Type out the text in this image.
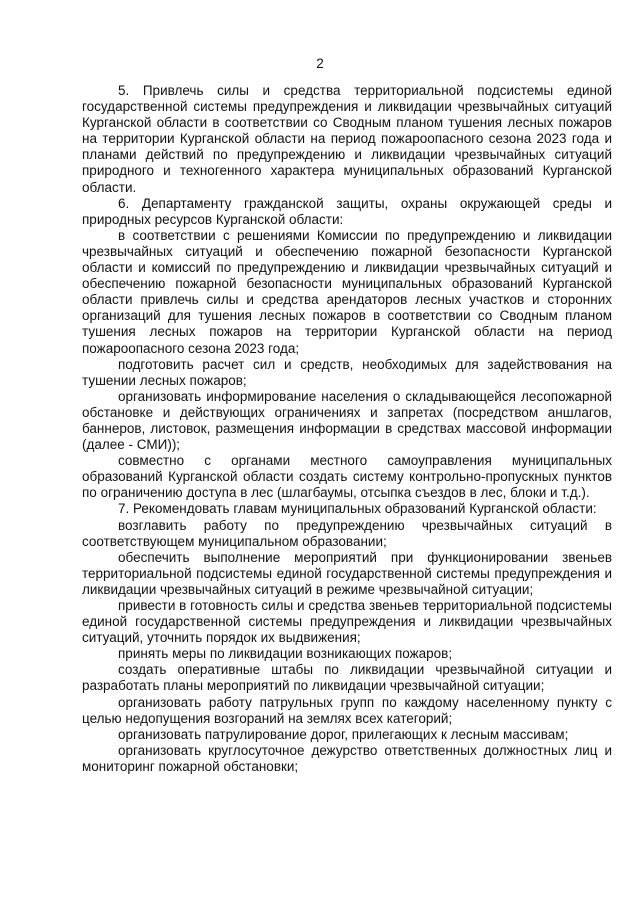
2

5. Привлечь силы и средства территориальной подсистемы единой государственной системы предупреждения и ликвидации чрезвычайных ситуаций Курганской области в соответствии со Сводным планом тушения лесных пожаров на территории Курганской области на период пожароопасного сезона 2023 года и планами действий по предупреждению и ликвидации чрезвычайных ситуаций природного и техногенного характера муниципальных образований Курганской области.

6. Департаменту гражданской защиты, охраны окружающей среды и природных ресурсов Курганской области:

в соответствии с решениями Комиссии по предупреждению и ликвидации чрезвычайных ситуаций и обеспечению пожарной безопасности Курганской области и комиссий по предупреждению и ликвидации чрезвычайных ситуаций и обеспечению пожарной безопасности муниципальных образований Курганской области привлечь силы и средства арендаторов лесных участков и сторонних организаций для тушения лесных пожаров в соответствии со Сводным планом тушения лесных пожаров на территории Курганской области на период пожароопасного сезона 2023 года;

подготовить расчет сил и средств, необходимых для задействования на тушении лесных пожаров;

организовать информирование населения о складывающейся лесопожарной обстановке и действующих ограничениях и запретах (посредством аншлагов, баннеров, листовок, размещения информации в средствах массовой информации (далее - СМИ));

совместно с органами местного самоуправления муниципальных образований Курганской области создать систему контрольно-пропускных пунктов по ограничению доступа в лес (шлагбаумы, отсыпка съездов в лес, блоки и т.д.).

7. Рекомендовать главам муниципальных образований Курганской области:

возглавить работу по предупреждению чрезвычайных ситуаций в соответствующем муниципальном образовании;

обеспечить выполнение мероприятий при функционировании звеньев территориальной подсистемы единой государственной системы предупреждения и ликвидации чрезвычайных ситуаций в режиме чрезвычайной ситуации;

привести в готовность силы и средства звеньев территориальной подсистемы единой государственной системы предупреждения и ликвидации чрезвычайных ситуаций, уточнить порядок их выдвижения;

принять меры по ликвидации возникающих пожаров;

создать оперативные штабы по ликвидации чрезвычайной ситуации и разработать планы мероприятий по ликвидации чрезвычайной ситуации;

организовать работу патрульных групп по каждому населенному пункту с целью недопущения возгораний на землях всех категорий;

организовать патрулирование дорог, прилегающих к лесным массивам;

организовать круглосуточное дежурство ответственных должностных лиц и мониторинг пожарной обстановки;
